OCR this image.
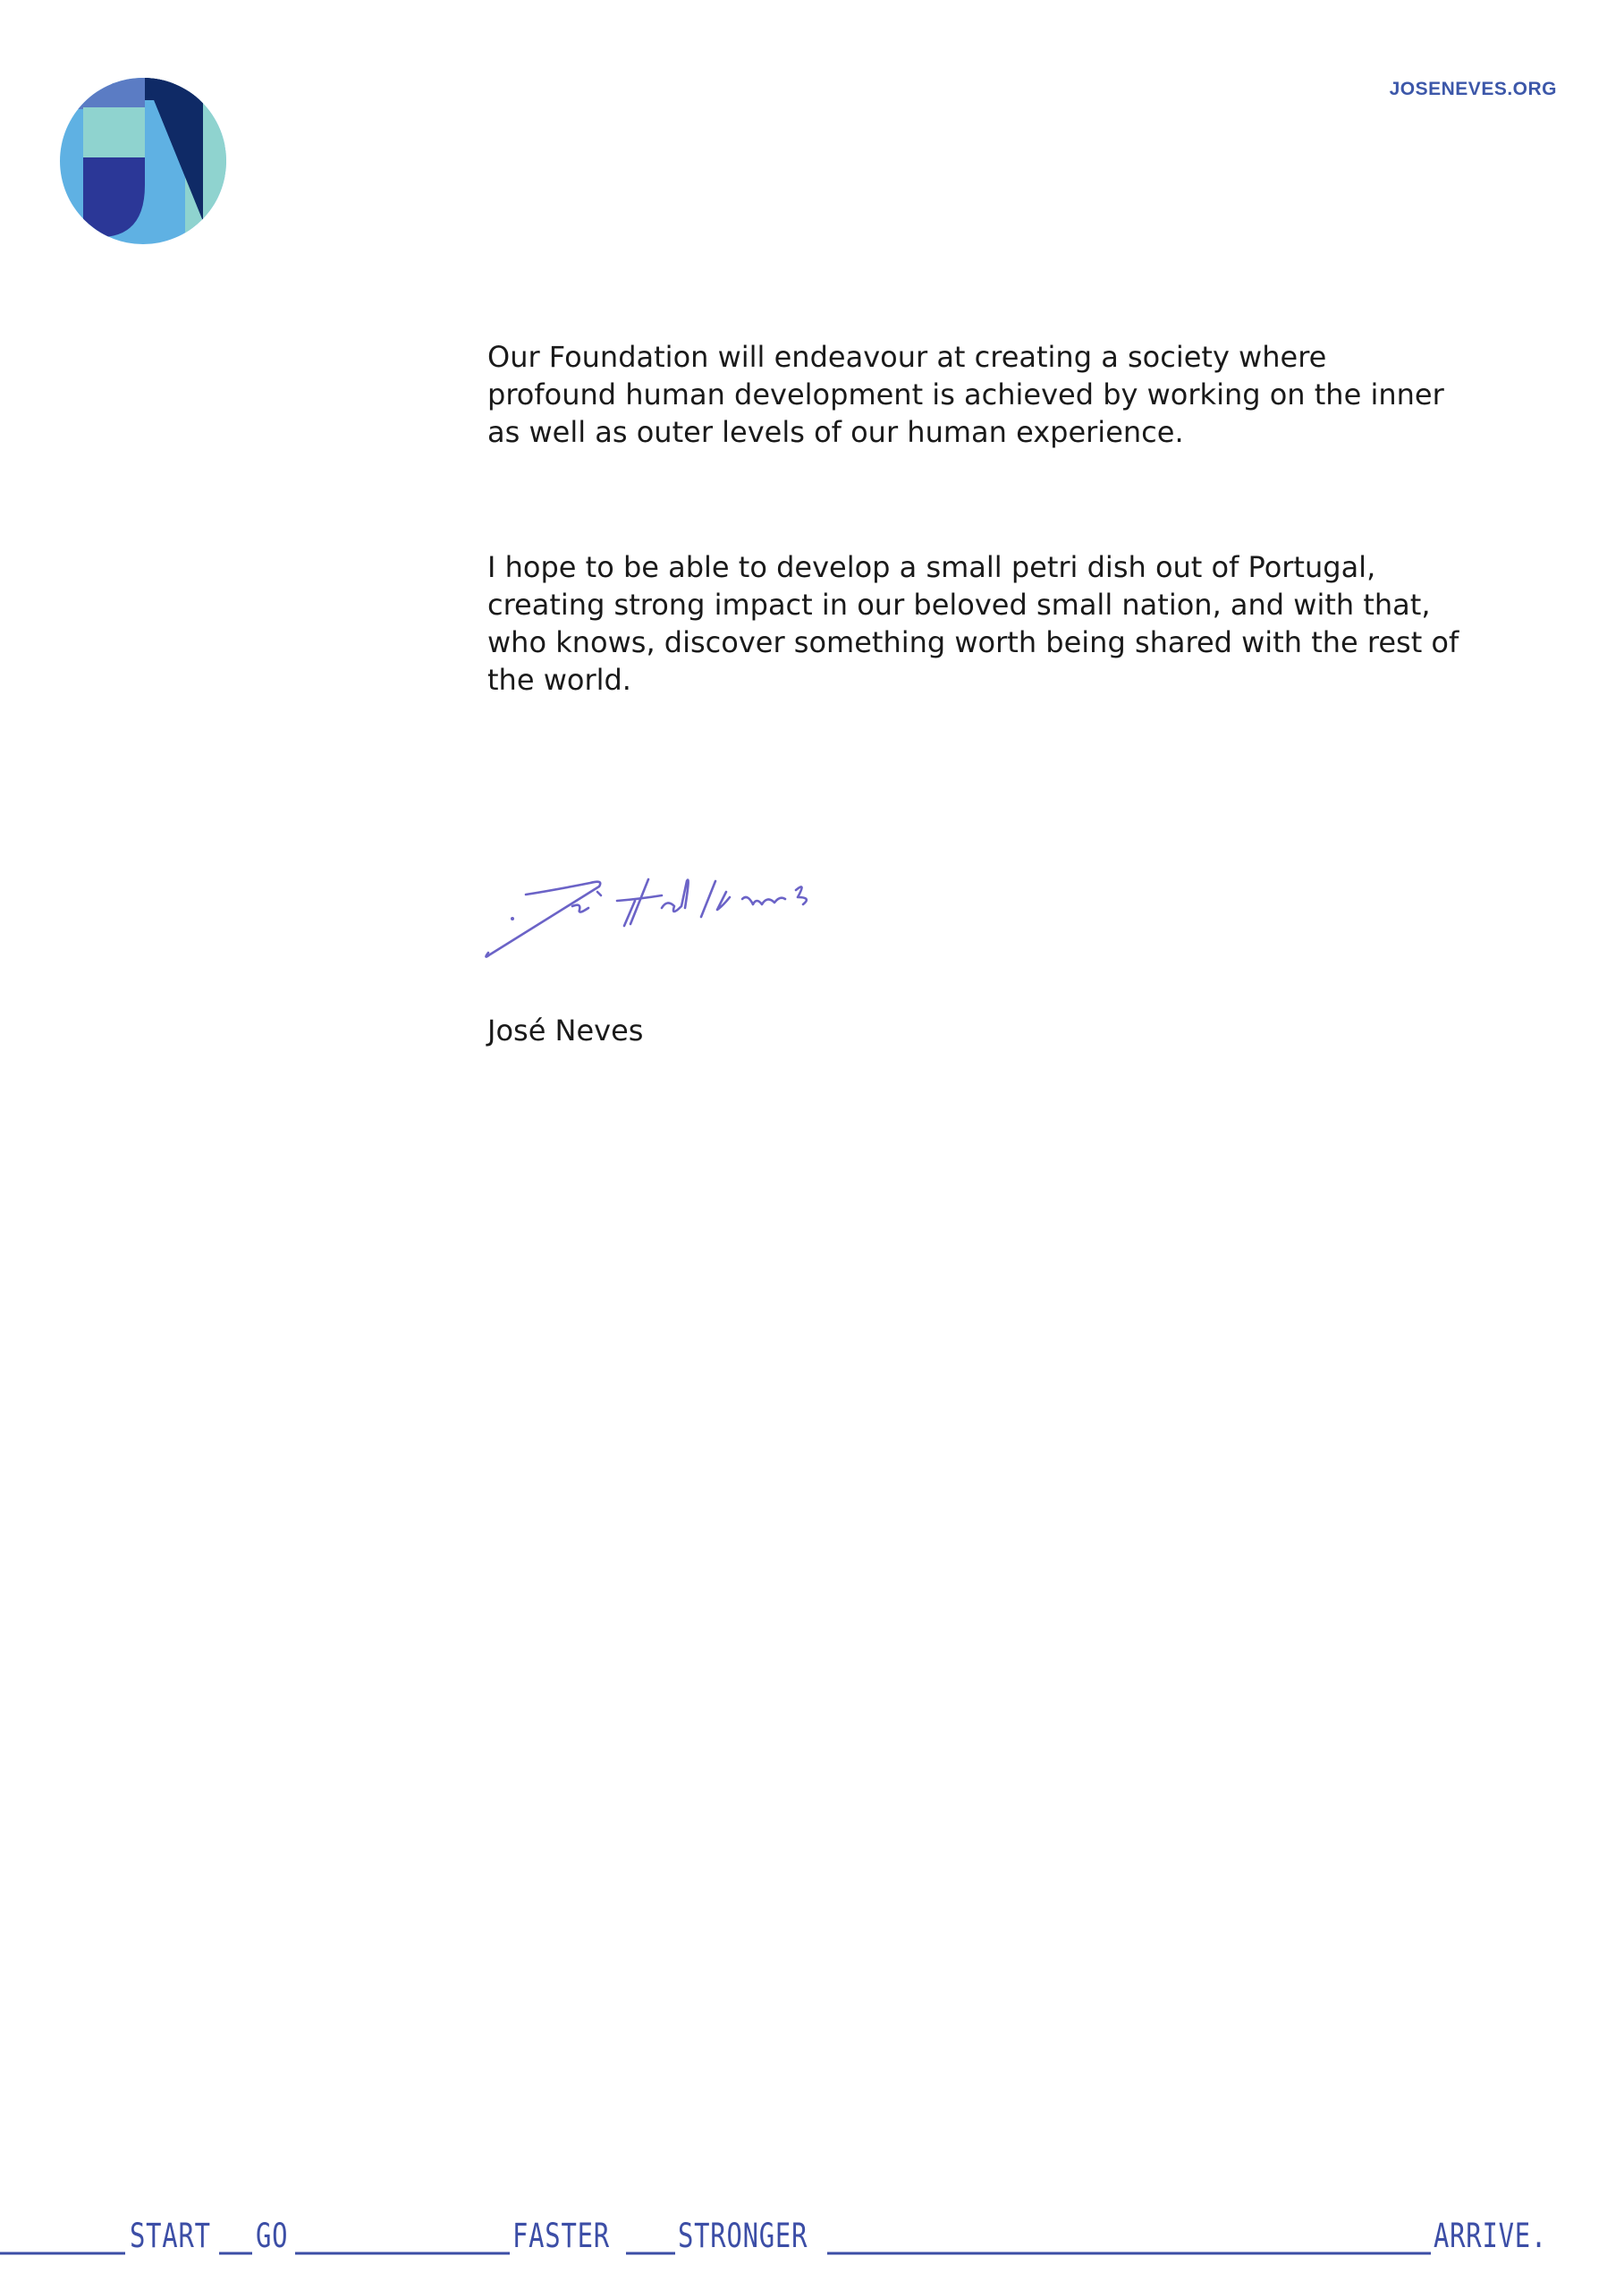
JOSENEVES.ORG

Our Foundation will endeavour at creating a society where profound human development is achieved by working on the inner as well as outer levels of our human experience.

I hope to be able to develop a small petri dish out of Portugal, creating strong impact in our beloved small nation, and with that, who knows, discover something worth being shared with the rest of the world.

José Neves
START GO	FASTER STRONGER	ARRIVE.
